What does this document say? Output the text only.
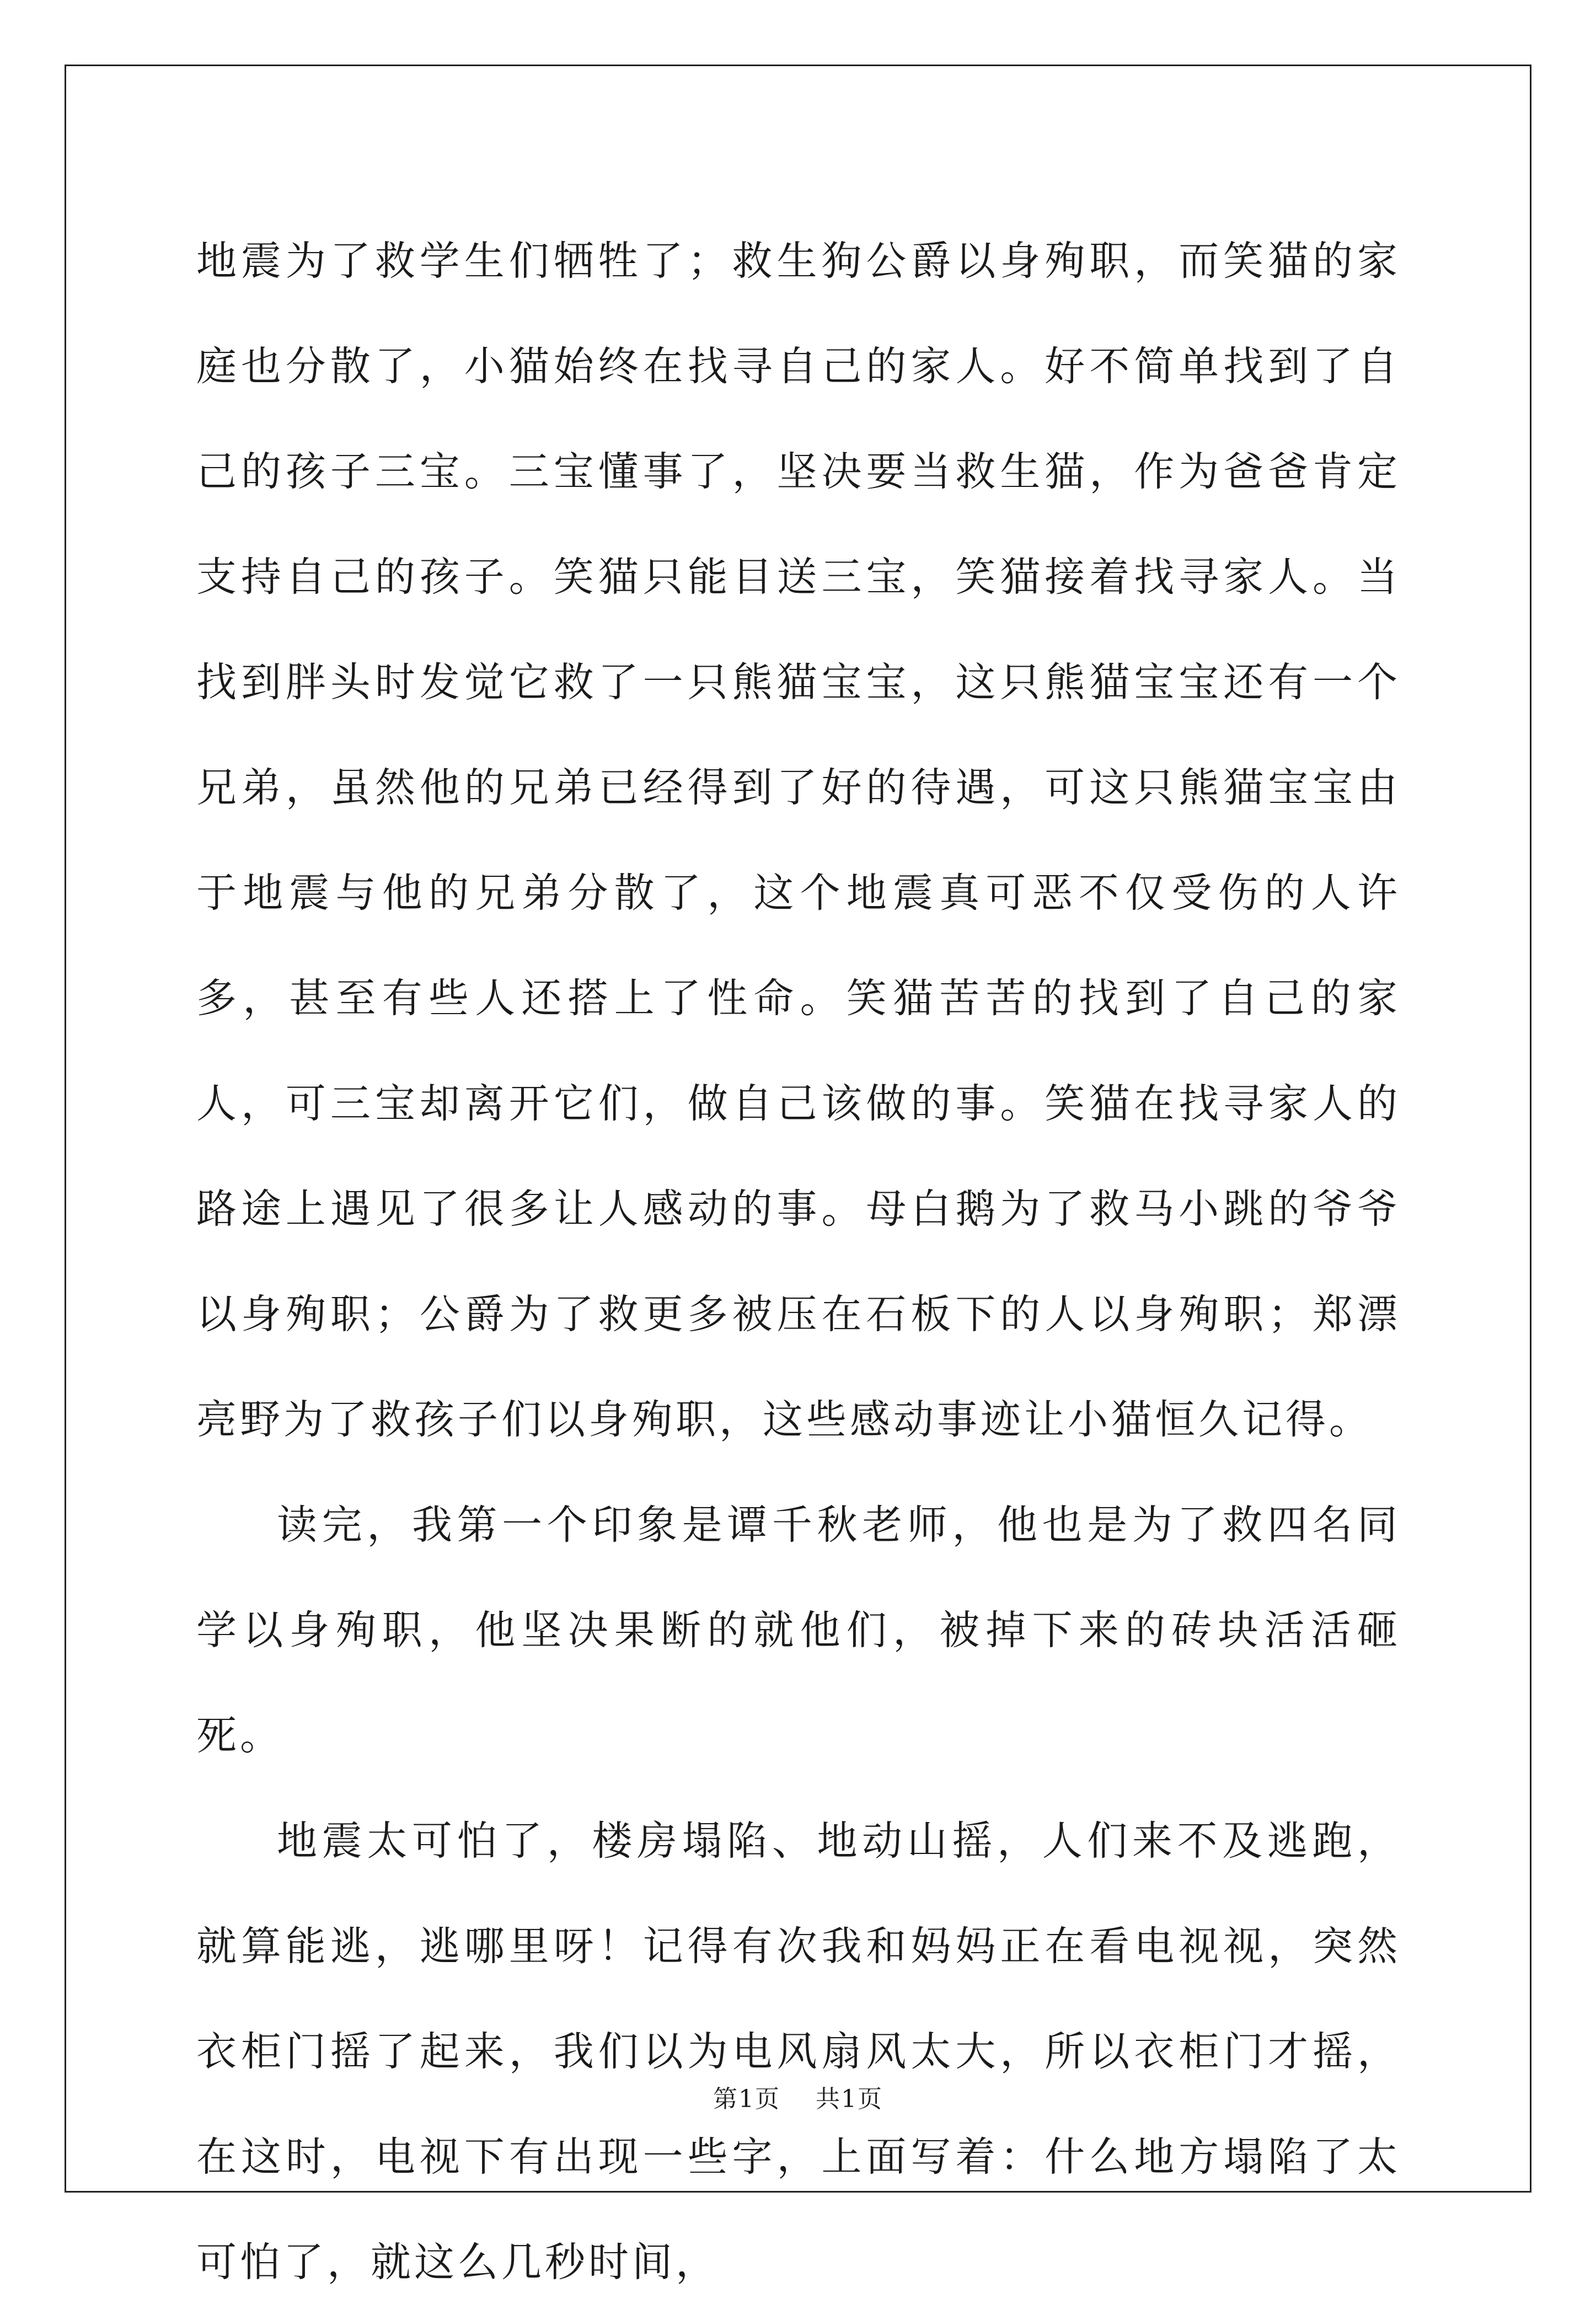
地震为了救学生们牺牲了；救生狗公爵以身殉职，而笑猫的家庭也分散了，小猫始终在找寻自己的家人。好不简单找到了自己的孩子三宝。三宝懂事了，坚决要当救生猫，作为爸爸肯定支持自己的孩子。笑猫只能目送三宝，笑猫接着找寻家人。当找到胖头时发觉它救了一只熊猫宝宝，这只熊猫宝宝还有一个兄弟，虽然他的兄弟已经得到了好的待遇，可这只熊猫宝宝由于地震与他的兄弟分散了，这个地震真可恶不仅受伤的人许多，甚至有些人还搭上了性命。笑猫苦苦的找到了自己的家人，可三宝却离开它们，做自己该做的事。笑猫在找寻家人的路途上遇见了很多让人感动的事。母白鹅为了救马小跳的爷爷以身殉职；公爵为了救更多被压在石板下的人以身殉职；郑漂亮野为了救孩子们以身殉职，这些感动事迹让小猫恒久记得。

读完，我第一个印象是谭千秋老师，他也是为了救四名同学以身殉职，他坚决果断的就他们，被掉下来的砖块活活砸死。

地震太可怕了，楼房塌陷、地动山摇，人们来不及逃跑，就算能逃，逃哪里呀！记得有次我和妈妈正在看电视视，突然衣柜门摇了起来，我们以为电风扇风太大，所以衣柜门才摇，在这时，电视下有出现一些字，上面写着：什么地方塌陷了太可怕了，就这么几秒时间，

第1页 共1页
